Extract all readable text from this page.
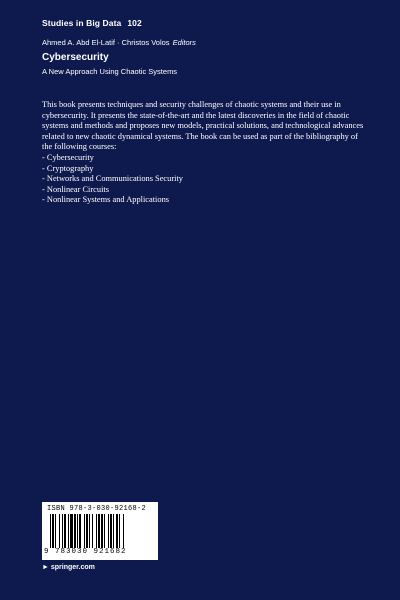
Studies in Big Data 102
Ahmed A. Abd El-Latif · Christos Volos Editors
Cybersecurity
A New Approach Using Chaotic Systems

This book presents techniques and security challenges of chaotic systems and their use in cybersecurity. It presents the state-of-the-art and the latest discoveries in the field of chaotic systems and methods and proposes new models, practical solutions, and technological advances related to new chaotic dynamical systems. The book can be used as part of the bibliography of the following courses:

- Cybersecurity
- Cryptography
- Networks and Communications Security
- Nonlinear Circuits
- Nonlinear Systems and Applications
ISBN 978-3-030-92168-2
9 783030 921682
► springer.com
